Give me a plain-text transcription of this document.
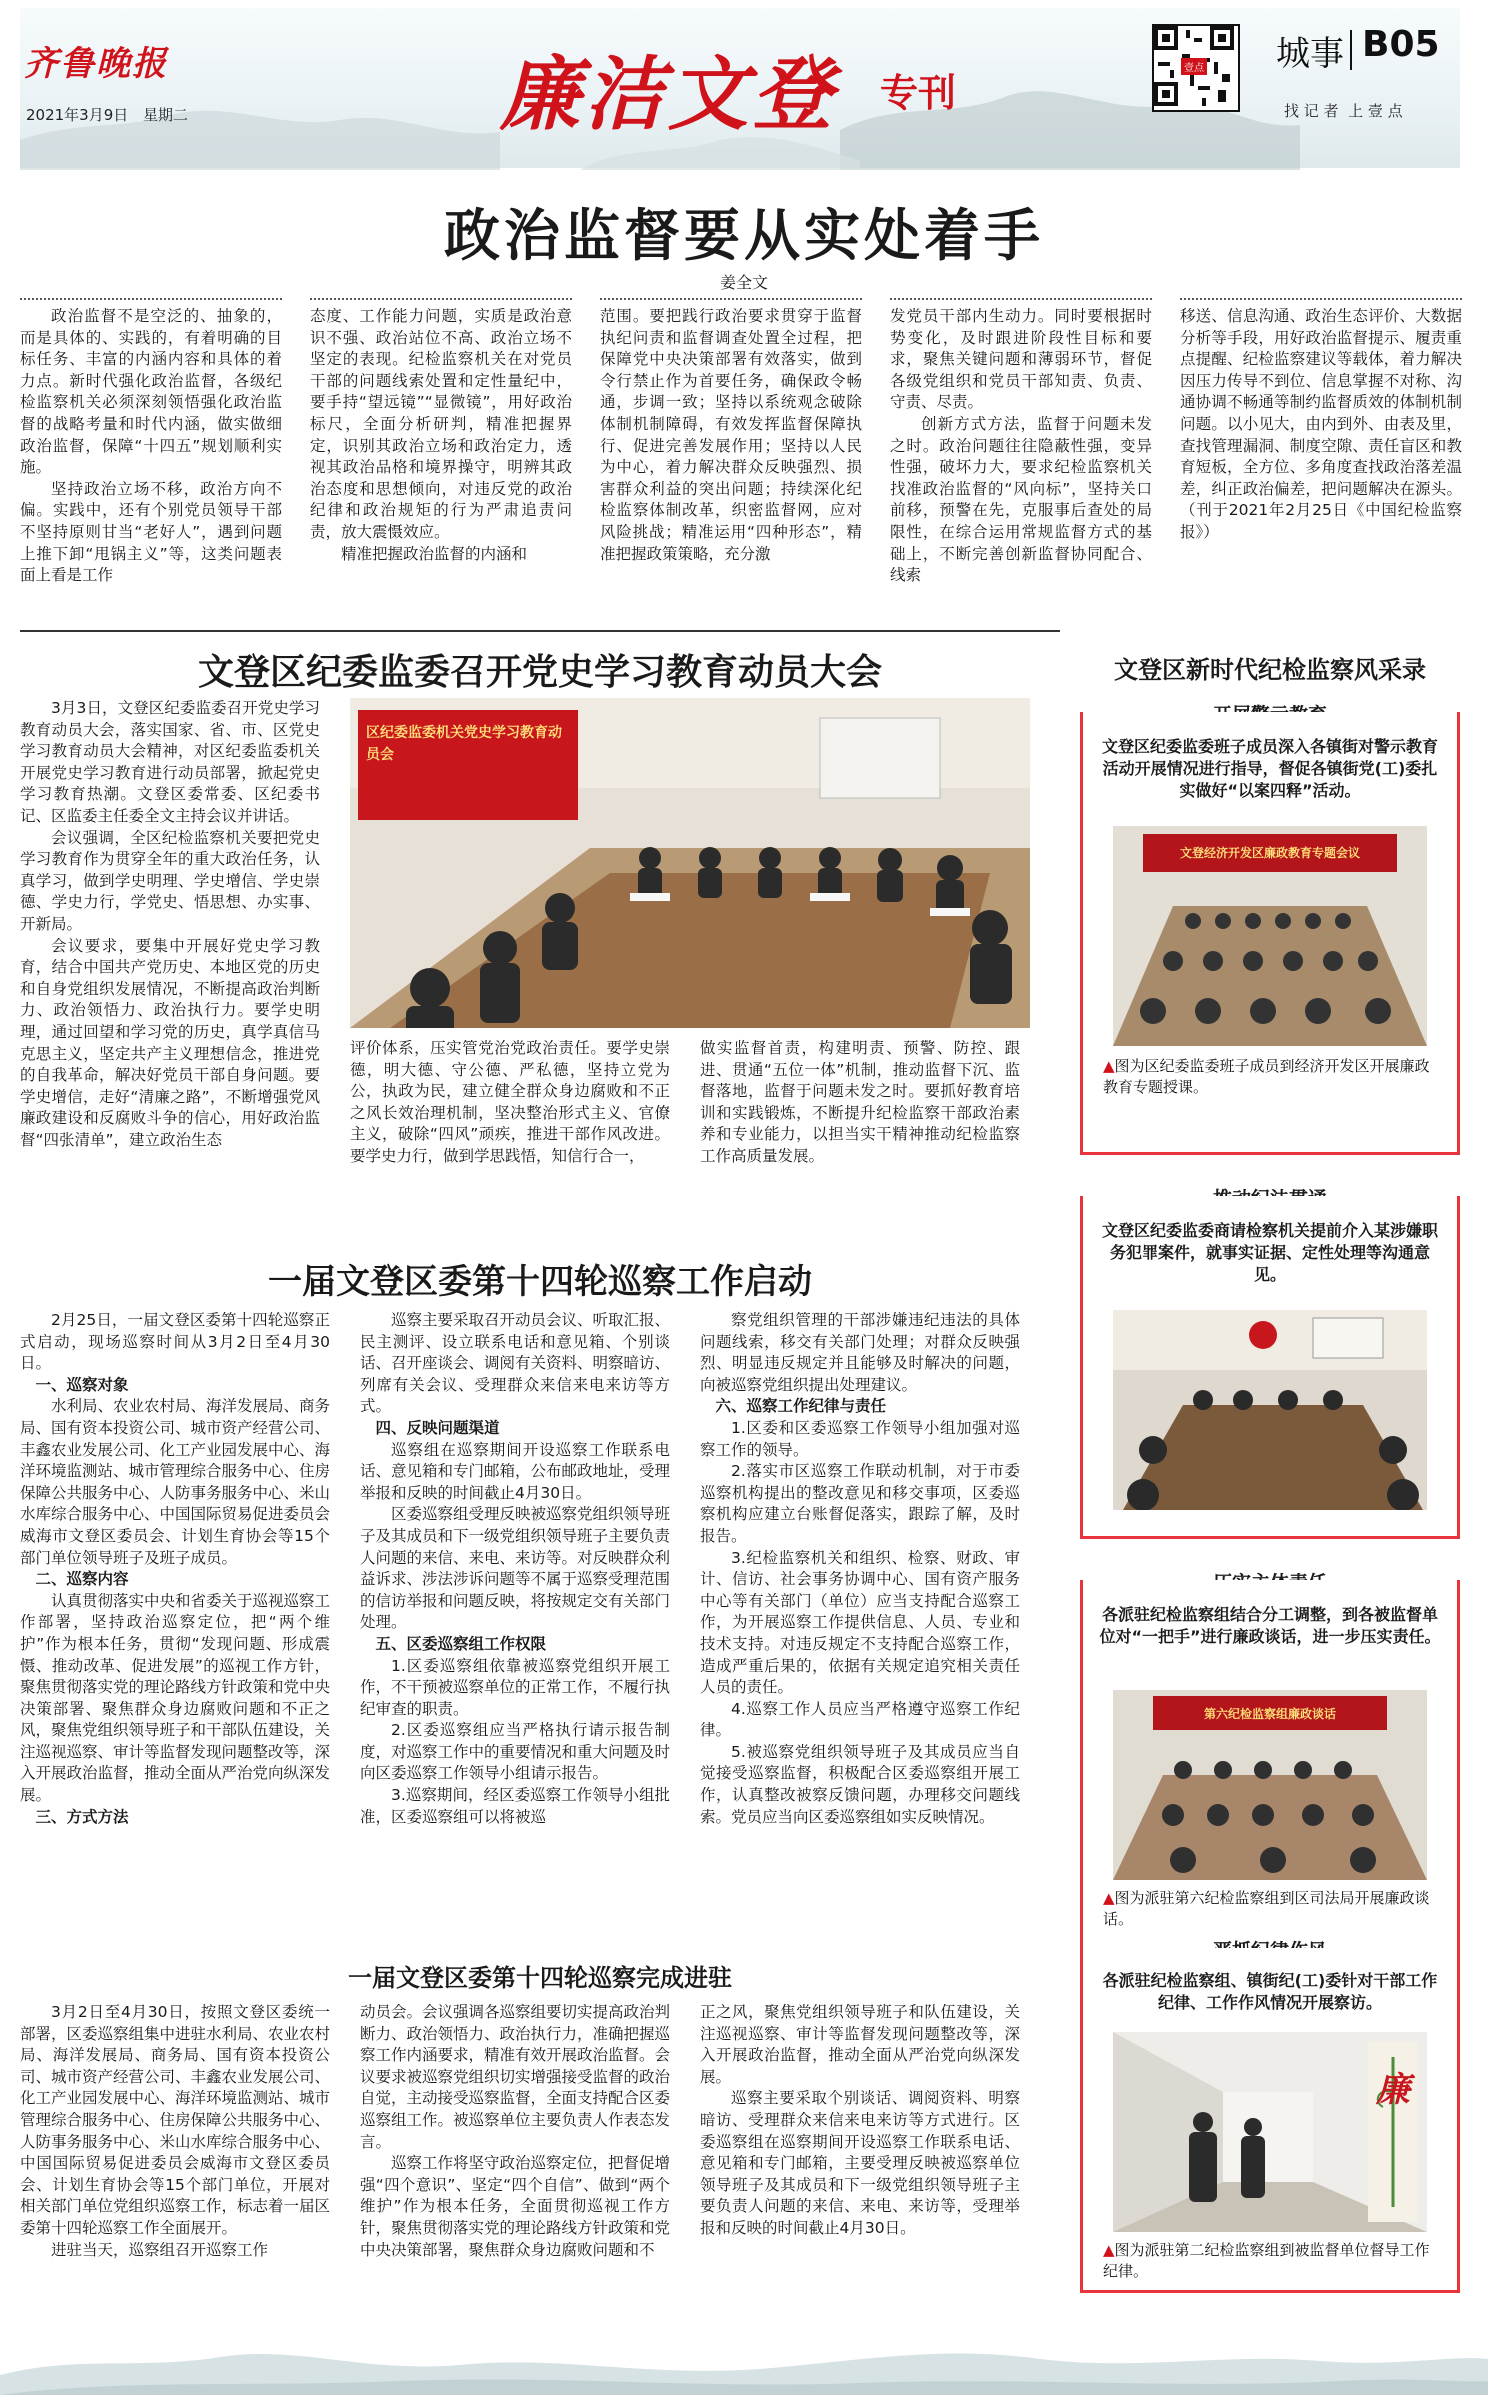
齐鲁晚报
2021年3月9日 星期二	廉洁文登 专刊
壹点 城事 B05
找 记 者  上 壹 点
政治监督要从实处着手
姜全文

政治监督不是空泛的、抽象的，而是具体的、实践的，有着明确的目标任务、丰富的内涵内容和具体的着力点。新时代强化政治监督，各级纪检监察机关必须深刻领悟强化政治监督的战略考量和时代内涵，做实做细政治监督，保障“十四五”规划顺利实施。

坚持政治立场不移，政治方向不偏。实践中，还有个别党员领导干部不坚持原则甘当“老好人”，遇到问题上推下卸“甩锅主义”等，这类问题表面上看是工作

态度、工作能力问题，实质是政治意识不强、政治站位不高、政治立场不坚定的表现。纪检监察机关在对党员干部的问题线索处置和定性量纪中，要手持“望远镜”“显微镜”，用好政治标尺，全面分析研判，精准把握界定，识别其政治立场和政治定力，透视其政治品格和境界操守，明辨其政治态度和思想倾向，对违反党的政治纪律和政治规矩的行为严肃追责问责，放大震慑效应。

精准把握政治监督的内涵和

范围。要把践行政治要求贯穿于监督执纪问责和监督调查处置全过程，把保障党中央决策部署有效落实，做到令行禁止作为首要任务，确保政令畅通，步调一致；坚持以系统观念破除体制机制障碍，有效发挥监督保障执行、促进完善发展作用；坚持以人民为中心，着力解决群众反映强烈、损害群众利益的突出问题；持续深化纪检监察体制改革，织密监督网，应对风险挑战；精准运用“四种形态”，精准把握政策策略，充分激

发党员干部内生动力。同时要根据时势变化，及时跟进阶段性目标和要求，聚焦关键问题和薄弱环节，督促各级党组织和党员干部知责、负责、守责、尽责。

创新方式方法，监督于问题未发之时。政治问题往往隐蔽性强，变异性强，破坏力大，要求纪检监察机关找准政治监督的“风向标”，坚持关口前移，预警在先，克服事后查处的局限性，在综合运用常规监督方式的基础上，不断完善创新监督协同配合、线索

移送、信息沟通、政治生态评价、大数据分析等手段，用好政治监督提示、履责重点提醒、纪检监察建议等载体，着力解决因压力传导不到位、信息掌握不对称、沟通协调不畅通等制约监督质效的体制机制问题。以小见大，由内到外、由表及里，查找管理漏洞、制度空隙、责任盲区和教育短板，全方位、多角度查找政治落差温差，纠正政治偏差，把问题解决在源头。（刊于2021年2月25日《中国纪检监察报》）

文登区纪委监委召开党史学习教育动员大会

3月3日，文登区纪委监委召开党史学习教育动员大会，落实国家、省、市、区党史学习教育动员大会精神，对区纪委监委机关开展党史学习教育进行动员部署，掀起党史学习教育热潮。文登区委常委、区纪委书记、区监委主任委全文主持会议并讲话。

会议强调，全区纪检监察机关要把党史学习教育作为贯穿全年的重大政治任务，认真学习，做到学史明理、学史增信、学史崇德、学史力行，学党史、悟思想、办实事、开新局。

会议要求，要集中开展好党史学习教育，结合中国共产党历史、本地区党的历史和自身党组织发展情况，不断提高政治判断力、政治领悟力、政治执行力。要学史明理，通过回望和学习党的历史，真学真信马克思主义，坚定共产主义理想信念，推进党的自我革命，解决好党员干部自身问题。要学史增信，走好“清廉之路”，不断增强党风廉政建设和反腐败斗争的信心，用好政治监督“四张清单”，建立政治生态

区纪委监委机关党史学习教育动员会

评价体系，压实管党治党政治责任。要学史崇德，明大德、守公德、严私德，坚持立党为公，执政为民，建立健全群众身边腐败和不正之风长效治理机制，坚决整治形式主义、官僚主义，破除“四风”顽疾，推进干部作风改进。要学史力行，做到学思践悟，知信行合一，

做实监督首责，构建明责、预警、防控、跟进、贯通“五位一体”机制，推动监督下沉、监督落地，监督于问题未发之时。要抓好教育培训和实践锻炼，不断提升纪检监察干部政治素养和专业能力，以担当实干精神推动纪检监察工作高质量发展。

一届文登区委第十四轮巡察工作启动

2月25日，一届文登区委第十四轮巡察正式启动，现场巡察时间从3月2日至4月30日。

一、巡察对象

水利局、农业农村局、海洋发展局、商务局、国有资本投资公司、城市资产经营公司、丰鑫农业发展公司、化工产业园发展中心、海洋环境监测站、城市管理综合服务中心、住房保障公共服务中心、人防事务服务中心、米山水库综合服务中心、中国国际贸易促进委员会威海市文登区委员会、计划生育协会等15个部门单位领导班子及班子成员。

二、巡察内容

认真贯彻落实中央和省委关于巡视巡察工作部署，坚持政治巡察定位，把“两个维护”作为根本任务，贯彻“发现问题、形成震慑、推动改革、促进发展”的巡视工作方针，聚焦贯彻落实党的理论路线方针政策和党中央决策部署、聚焦群众身边腐败问题和不正之风，聚焦党组织领导班子和干部队伍建设，关注巡视巡察、审计等监督发现问题整改等，深入开展政治监督，推动全面从严治党向纵深发展。

三、方式方法

巡察主要采取召开动员会议、听取汇报、民主测评、设立联系电话和意见箱、个别谈话、召开座谈会、调阅有关资料、明察暗访、列席有关会议、受理群众来信来电来访等方式。

四、反映问题渠道

巡察组在巡察期间开设巡察工作联系电话、意见箱和专门邮箱，公布邮政地址，受理举报和反映的时间截止4月30日。

区委巡察组受理反映被巡察党组织领导班子及其成员和下一级党组织领导班子主要负责人问题的来信、来电、来访等。对反映群众利益诉求、涉法涉诉问题等不属于巡察受理范围的信访举报和问题反映，将按规定交有关部门处理。

五、区委巡察组工作权限

1.区委巡察组依靠被巡察党组织开展工作，不干预被巡察单位的正常工作，不履行执纪审查的职责。

2.区委巡察组应当严格执行请示报告制度，对巡察工作中的重要情况和重大问题及时向区委巡察工作领导小组请示报告。

3.巡察期间，经区委巡察工作领导小组批准，区委巡察组可以将被巡

察党组织管理的干部涉嫌违纪违法的具体问题线索，移交有关部门处理；对群众反映强烈、明显违反规定并且能够及时解决的问题，向被巡察党组织提出处理建议。

六、巡察工作纪律与责任

1.区委和区委巡察工作领导小组加强对巡察工作的领导。

2.落实市区巡察工作联动机制，对于市委巡察机构提出的整改意见和移交事项，区委巡察机构应建立台账督促落实，跟踪了解，及时报告。

3.纪检监察机关和组织、检察、财政、审计、信访、社会事务协调中心、国有资产服务中心等有关部门（单位）应当支持配合巡察工作，为开展巡察工作提供信息、人员、专业和技术支持。对违反规定不支持配合巡察工作，造成严重后果的，依据有关规定追究相关责任人员的责任。

4.巡察工作人员应当严格遵守巡察工作纪律。

5.被巡察党组织领导班子及其成员应当自觉接受巡察监督，积极配合区委巡察组开展工作，认真整改被察反馈问题，办理移交问题线索。党员应当向区委巡察组如实反映情况。

一届文登区委第十四轮巡察完成进驻

3月2日至4月30日，按照文登区委统一部署，区委巡察组集中进驻水利局、农业农村局、海洋发展局、商务局、国有资本投资公司、城市资产经营公司、丰鑫农业发展公司、化工产业园发展中心、海洋环境监测站、城市管理综合服务中心、住房保障公共服务中心、人防事务服务中心、米山水库综合服务中心、中国国际贸易促进委员会威海市文登区委员会、计划生育协会等15个部门单位，开展对相关部门单位党组织巡察工作，标志着一届区委第十四轮巡察工作全面展开。

进驻当天，巡察组召开巡察工作

动员会。会议强调各巡察组要切实提高政治判断力、政治领悟力、政治执行力，准确把握巡察工作内涵要求，精准有效开展政治监督。会议要求被巡察党组织切实增强接受监督的政治自觉，主动接受巡察监督，全面支持配合区委巡察组工作。被巡察单位主要负责人作表态发言。

巡察工作将坚守政治巡察定位，把督促增强“四个意识”、坚定“四个自信”、做到“两个维护”作为根本任务，全面贯彻巡视工作方针，聚焦贯彻落实党的理论路线方针政策和党中央决策部署，聚焦群众身边腐败问题和不

正之风，聚焦党组织领导班子和队伍建设，关注巡视巡察、审计等监督发现问题整改等，深入开展政治监督，推动全面从严治党向纵深发展。

巡察主要采取个别谈话、调阅资料、明察暗访、受理群众来信来电来访等方式进行。区委巡察组在巡察期间开设巡察工作联系电话、意见箱和专门邮箱，主要受理反映被巡察单位领导班子及其成员和下一级党组织领导班子主要负责人问题的来信、来电、来访等，受理举报和反映的时间截止4月30日。

文登区新时代纪检监察风采录

文登区纪委监委班子成员深入各镇街对警示教育活动开展情况进行指导，督促各镇街党(工)委扎实做好“以案四释”活动。

文登经济开发区廉政教育专题会议

▲图为区纪委监委班子成员到经济开发区开展廉政教育专题授课。

文登区纪委监委商请检察机关提前介入某涉嫌职务犯罪案件，就事实证据、定性处理等沟通意见。

各派驻纪检监察组结合分工调整，到各被监督单位对“一把手”进行廉政谈话，进一步压实责任。

第六纪检监察组廉政谈话

▲图为派驻第六纪检监察组到区司法局开展廉政谈话。

各派驻纪检监察组、镇街纪(工)委针对干部工作纪律、工作作风情况开展察访。

廉

▲图为派驻第二纪检监察组到被监督单位督导工作纪律。
